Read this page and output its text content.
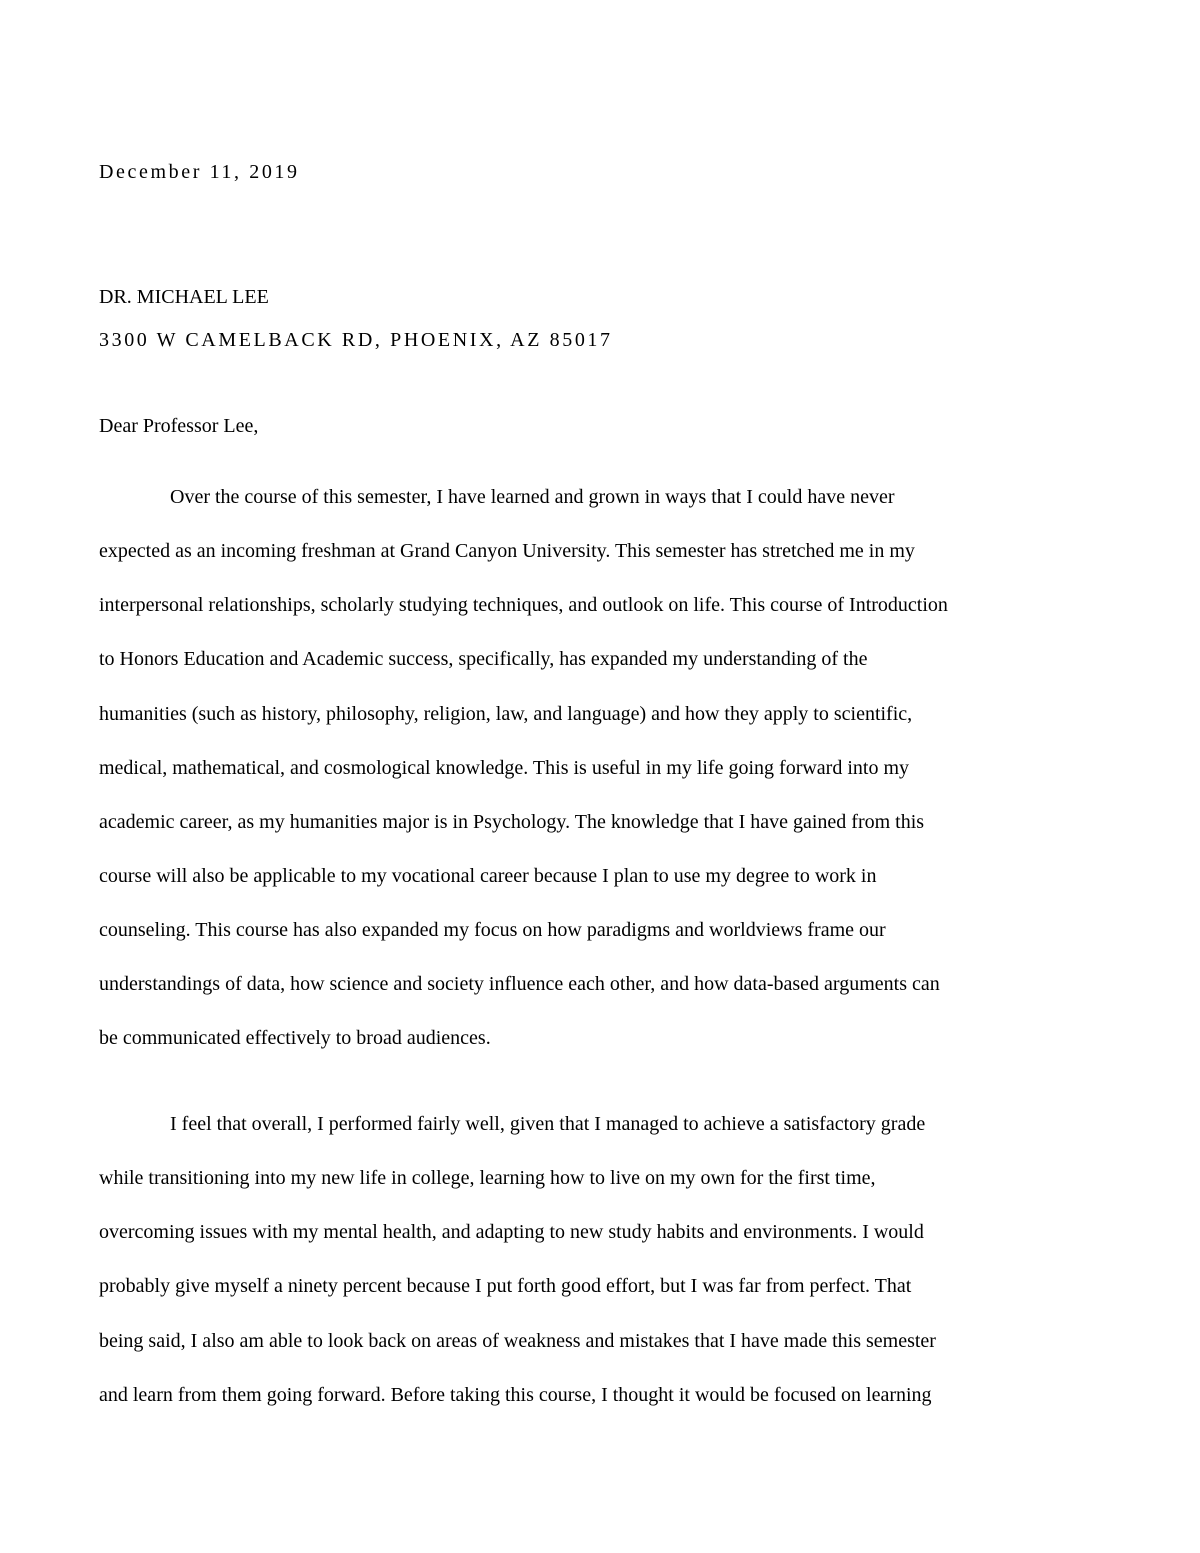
December 11, 2019
DR. MICHAEL LEE
3300 W CAMELBACK RD, PHOENIX, AZ 85017
Dear Professor Lee,
Over the course of this semester, I have learned and grown in ways that I could have never
expected as an incoming freshman at Grand Canyon University. This semester has stretched me in my
interpersonal relationships, scholarly studying techniques, and outlook on life. This course of Introduction
to Honors Education and Academic success, specifically, has expanded my understanding of the
humanities (such as history, philosophy, religion, law, and language) and how they apply to scientific,
medical, mathematical, and cosmological knowledge. This is useful in my life going forward into my
academic career, as my humanities major is in Psychology. The knowledge that I have gained from this
course will also be applicable to my vocational career because I plan to use my degree to work in
counseling. This course has also expanded my focus on how paradigms and worldviews frame our
understandings of data, how science and society influence each other, and how data-based arguments can
be communicated effectively to broad audiences.
I feel that overall, I performed fairly well, given that I managed to achieve a satisfactory grade
while transitioning into my new life in college, learning how to live on my own for the first time,
overcoming issues with my mental health, and adapting to new study habits and environments. I would
probably give myself a ninety percent because I put forth good effort, but I was far from perfect. That
being said, I also am able to look back on areas of weakness and mistakes that I have made this semester
and learn from them going forward. Before taking this course, I thought it would be focused on learning
